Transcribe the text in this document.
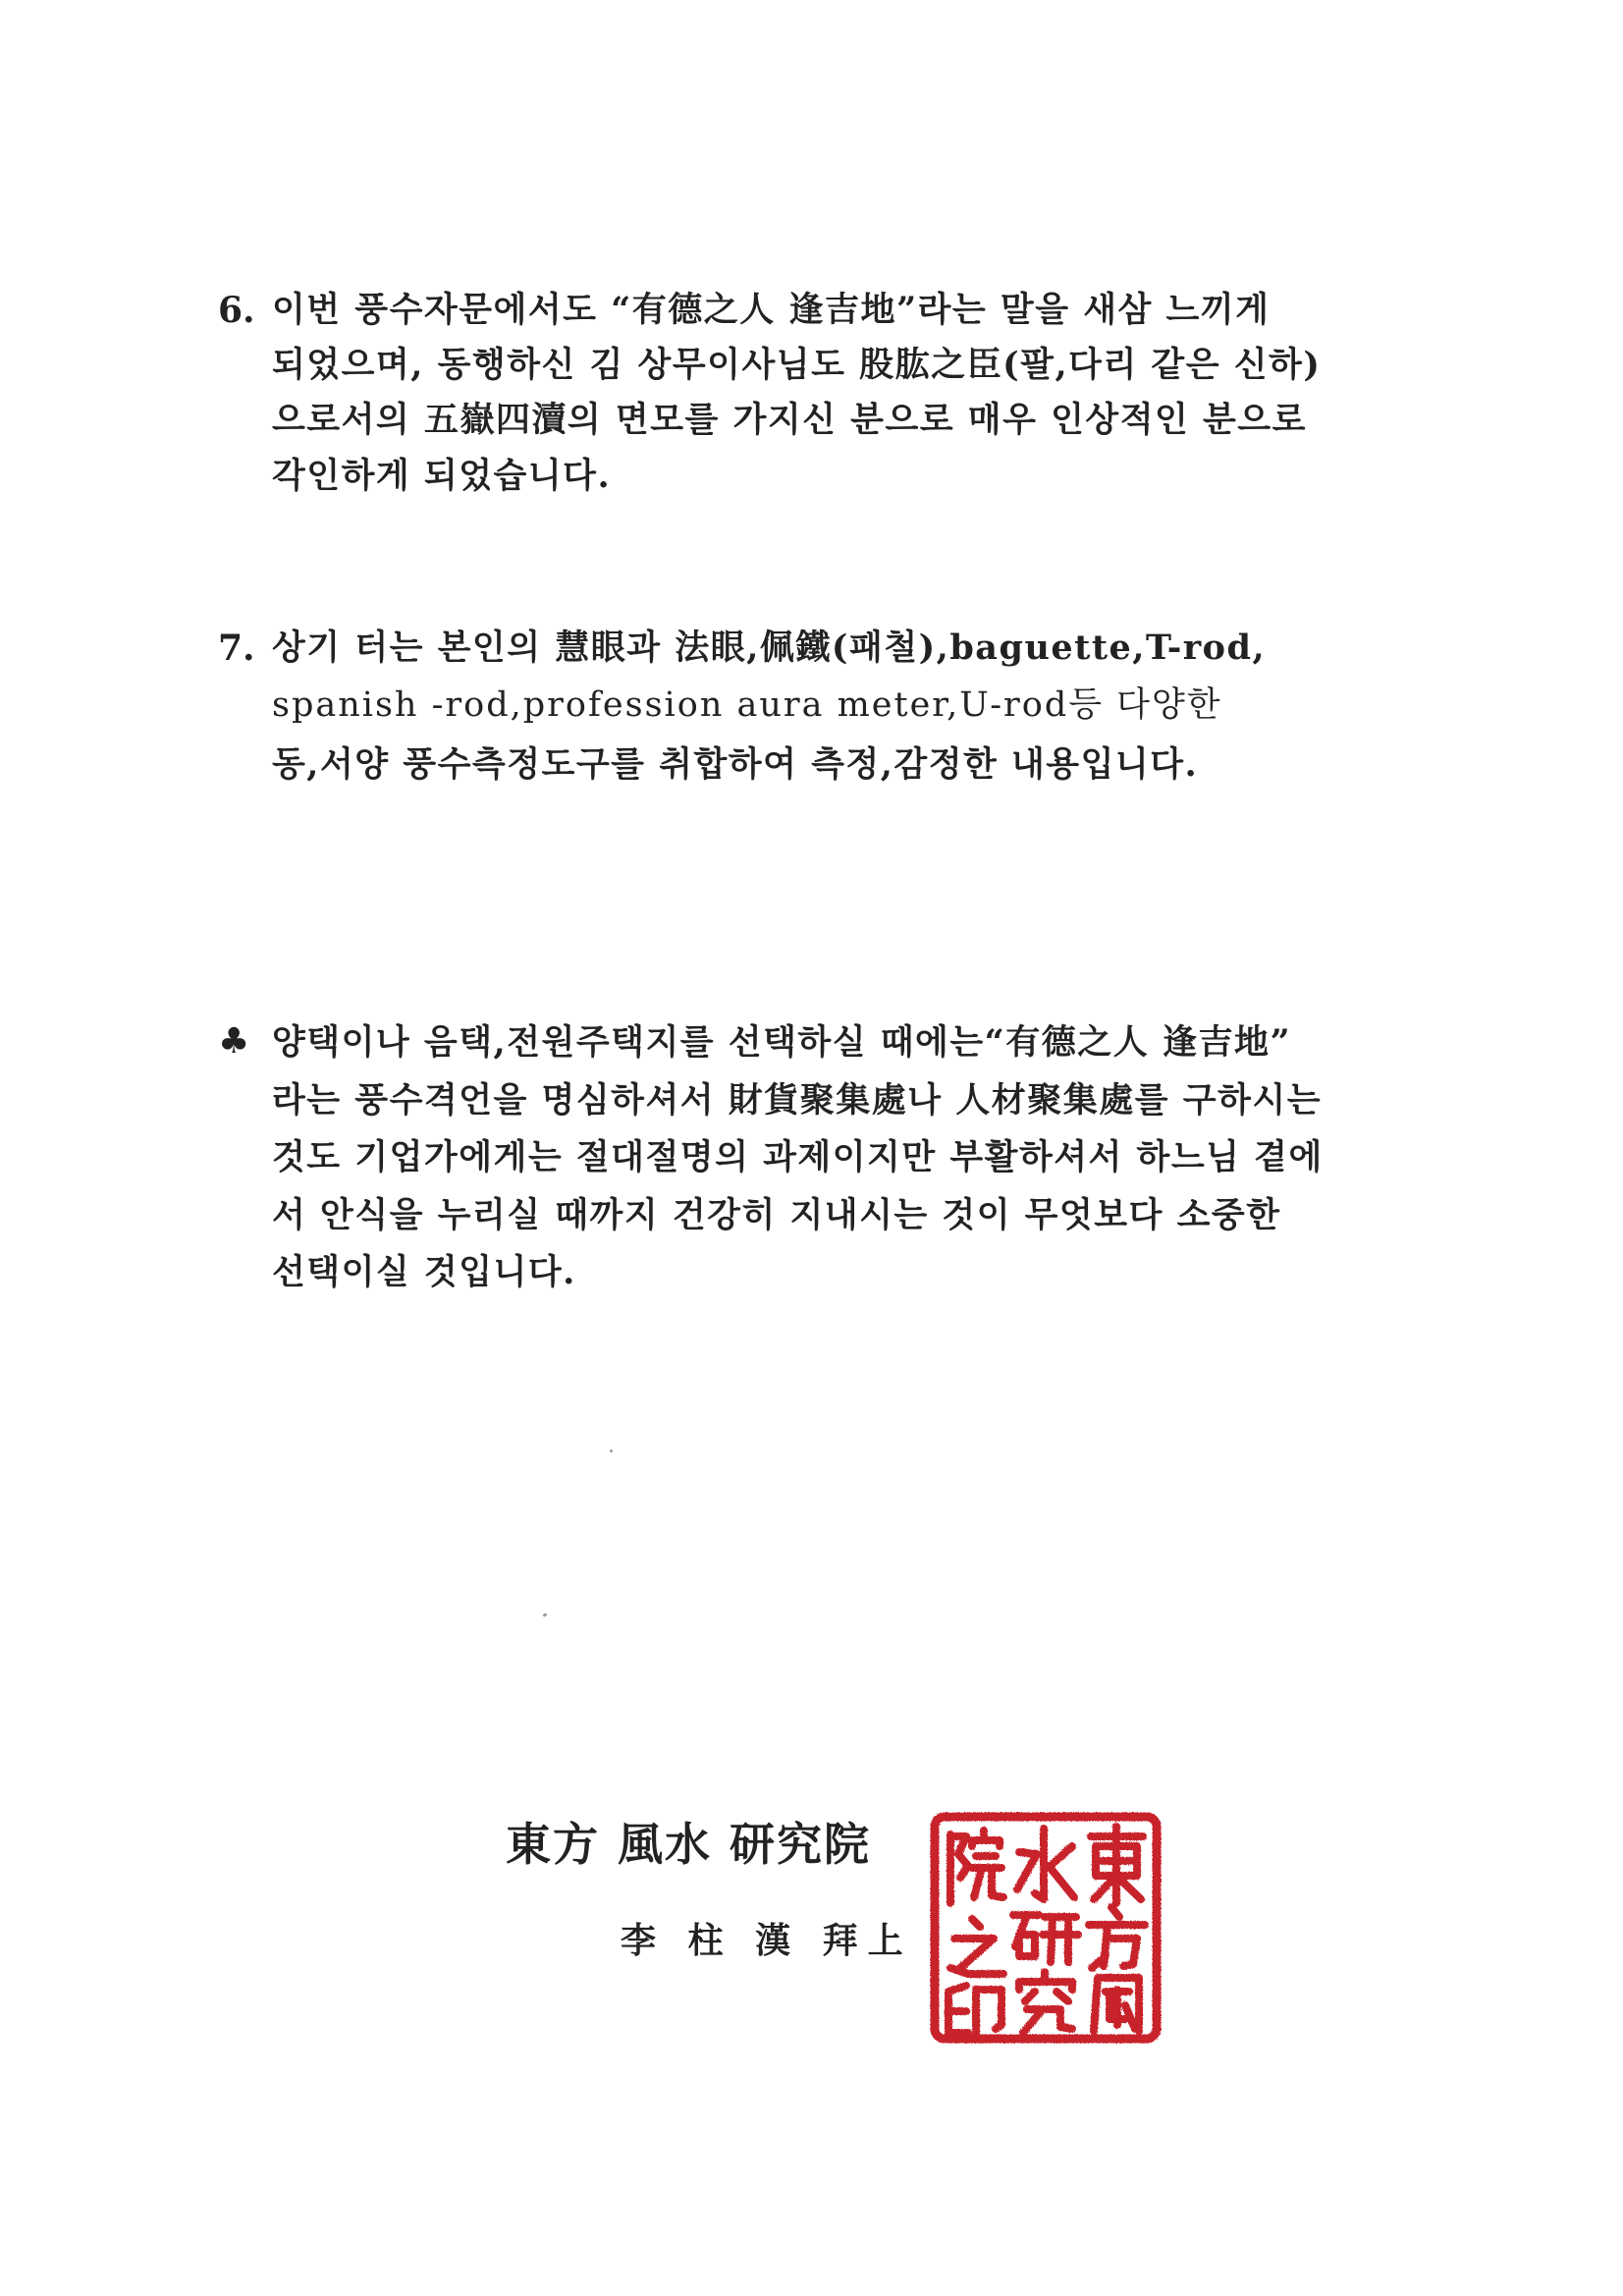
6. 이번 풍수자문에서도 “有德之人 逢吉地”라는 말을 새삼 느끼게
되었으며, 동행하신 김 상무이사님도 股肱之臣(팔,다리 같은 신하)
으로서의 五嶽四瀆의 면모를 가지신 분으로 매우 인상적인 분으로
각인하게 되었습니다.
7. 상기 터는 본인의 慧眼과 法眼,佩鐵(패철),baguette,T-rod,
spanish -rod,profession aura meter,U-rod등 다양한
동,서양 풍수측정도구를 취합하여 측정,감정한 내용입니다.
♣ 양택이나 음택,전원주택지를 선택하실 때에는“有德之人 逢吉地”
라는 풍수격언을 명심하셔서 財貨聚集處나 人材聚集處를 구하시는
것도 기업가에게는 절대절명의 과제이지만 부활하셔서 하느님 곁에
서 안식을 누리실 때까지 건강히 지내시는 것이 무엇보다 소중한
선택이실 것입니다.
東方 風水 研究院
李 柱 漢 拜上
